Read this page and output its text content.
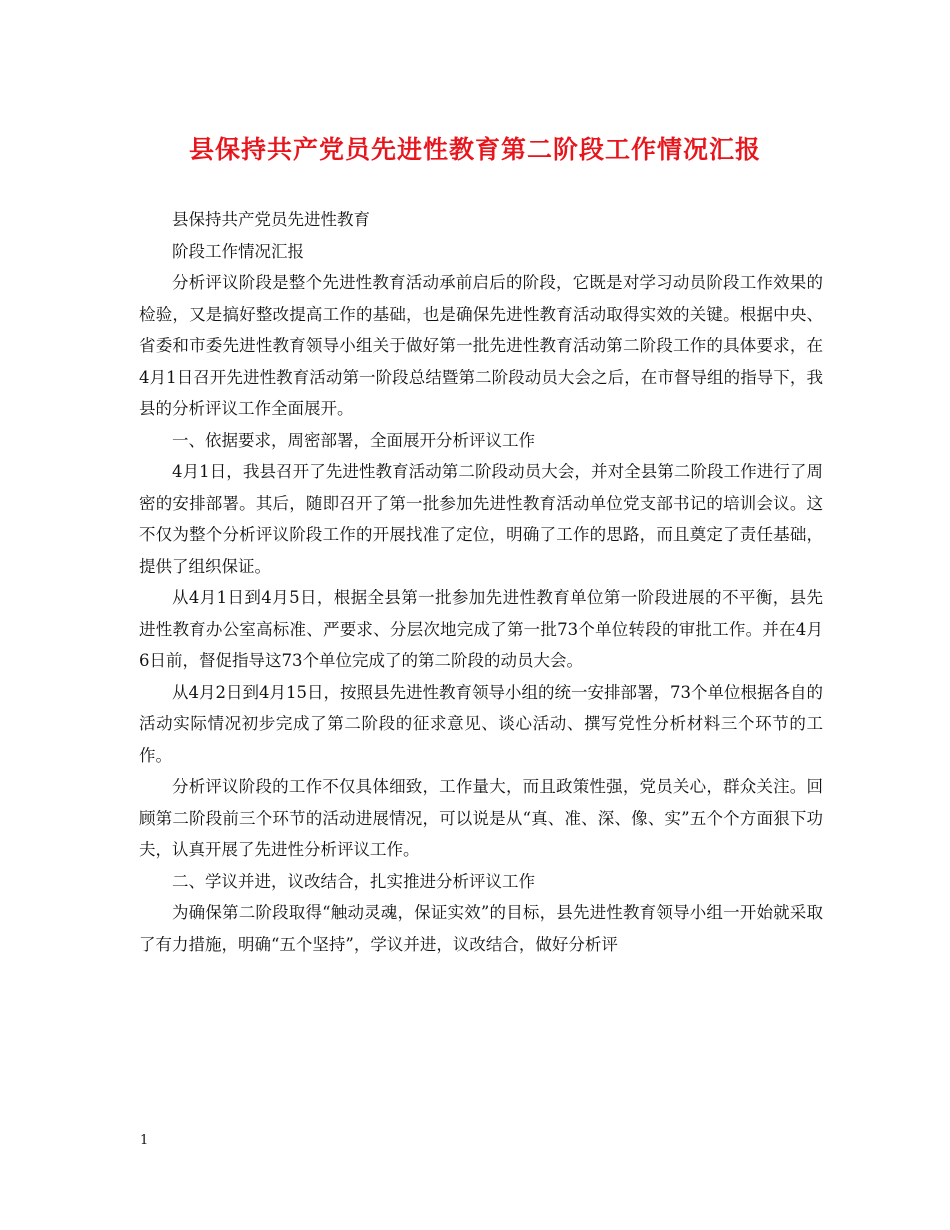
县保持共产党员先进性教育第二阶段工作情况汇报

县保持共产党员先进性教育

阶段工作情况汇报

分析评议阶段是整个先进性教育活动承前启后的阶段，它既是对学习动员阶段工作效果的检验，又是搞好整改提高工作的基础，也是确保先进性教育活动取得实效的关键。根据中央、省委和市委先进性教育领导小组关于做好第一批先进性教育活动第二阶段工作的具体要求，在4月1日召开先进性教育活动第一阶段总结暨第二阶段动员大会之后，在市督导组的指导下，我县的分析评议工作全面展开。

一、依据要求，周密部署，全面展开分析评议工作

4月1日，我县召开了先进性教育活动第二阶段动员大会，并对全县第二阶段工作进行了周密的安排部署。其后，随即召开了第一批参加先进性教育活动单位党支部书记的培训会议。这不仅为整个分析评议阶段工作的开展找准了定位，明确了工作的思路，而且奠定了责任基础，提供了组织保证。

从4月1日到4月5日，根据全县第一批参加先进性教育单位第一阶段进展的不平衡，县先进性教育办公室高标准、严要求、分层次地完成了第一批73个单位转段的审批工作。并在4月6日前，督促指导这73个单位完成了的第二阶段的动员大会。

从4月2日到4月15日，按照县先进性教育领导小组的统一安排部署，73个单位根据各自的活动实际情况初步完成了第二阶段的征求意见、谈心活动、撰写党性分析材料三个环节的工作。

分析评议阶段的工作不仅具体细致，工作量大，而且政策性强，党员关心，群众关注。回顾第二阶段前三个环节的活动进展情况，可以说是从“真、准、深、像、实”五个个方面狠下功夫，认真开展了先进性分析评议工作。

二、学议并进，议改结合，扎实推进分析评议工作

为确保第二阶段取得“触动灵魂，保证实效”的目标，县先进性教育领导小组一开始就采取了有力措施，明确“五个坚持”，学议并进，议改结合，做好分析评

1
